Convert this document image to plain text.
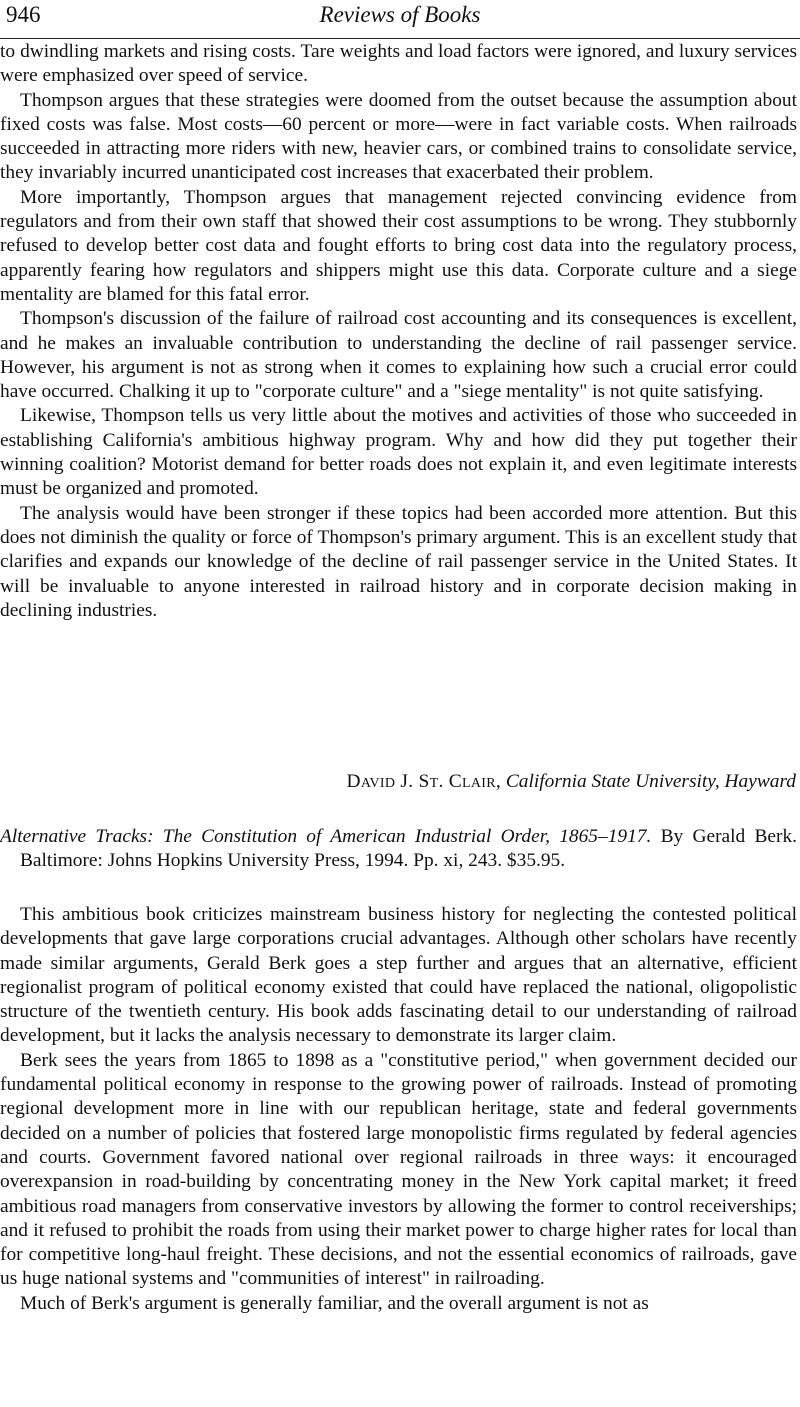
946	Reviews of Books

to dwindling markets and rising costs. Tare weights and load factors were ignored, and luxury services were emphasized over speed of service.

Thompson argues that these strategies were doomed from the outset because the assumption about fixed costs was false. Most costs—60 percent or more—were in fact variable costs. When railroads succeeded in attracting more riders with new, heavier cars, or combined trains to consolidate service, they invariably incurred unanticipated cost increases that exacerbated their problem.

More importantly, Thompson argues that management rejected convincing evidence from regulators and from their own staff that showed their cost assumptions to be wrong. They stubbornly refused to develop better cost data and fought efforts to bring cost data into the regulatory process, apparently fearing how regulators and shippers might use this data. Corporate culture and a siege mentality are blamed for this fatal error.

Thompson's discussion of the failure of railroad cost accounting and its consequences is excellent, and he makes an invaluable contribution to understanding the decline of rail passenger service. However, his argument is not as strong when it comes to explaining how such a crucial error could have occurred. Chalking it up to "corporate culture" and a "siege mentality" is not quite satisfying.

Likewise, Thompson tells us very little about the motives and activities of those who succeeded in establishing California's ambitious highway program. Why and how did they put together their winning coalition? Motorist demand for better roads does not explain it, and even legitimate interests must be organized and promoted.

The analysis would have been stronger if these topics had been accorded more attention. But this does not diminish the quality or force of Thompson's primary argument. This is an excellent study that clarifies and expands our knowledge of the decline of rail passenger service in the United States. It will be invaluable to anyone interested in railroad history and in corporate decision making in declining industries.

David J. St. Clair, California State University, Hayward
Alternative Tracks: The Constitution of American Industrial Order, 1865–1917. By Gerald Berk. Baltimore: Johns Hopkins University Press, 1994. Pp. xi, 243. $35.95.

This ambitious book criticizes mainstream business history for neglecting the contested political developments that gave large corporations crucial advantages. Although other scholars have recently made similar arguments, Gerald Berk goes a step further and argues that an alternative, efficient regionalist program of political economy existed that could have replaced the national, oligopolistic structure of the twentieth century. His book adds fascinating detail to our understanding of railroad development, but it lacks the analysis necessary to demonstrate its larger claim.

Berk sees the years from 1865 to 1898 as a "constitutive period," when government decided our fundamental political economy in response to the growing power of railroads. Instead of promoting regional development more in line with our republican heritage, state and federal governments decided on a number of policies that fostered large monopolistic firms regulated by federal agencies and courts. Government favored national over regional railroads in three ways: it encouraged overexpansion in road-building by concentrating money in the New York capital market; it freed ambitious road managers from conservative investors by allowing the former to control receiverships; and it refused to prohibit the roads from using their market power to charge higher rates for local than for competitive long-haul freight. These decisions, and not the essential economics of railroads, gave us huge national systems and "communities of interest" in railroading.

Much of Berk's argument is generally familiar, and the overall argument is not as
